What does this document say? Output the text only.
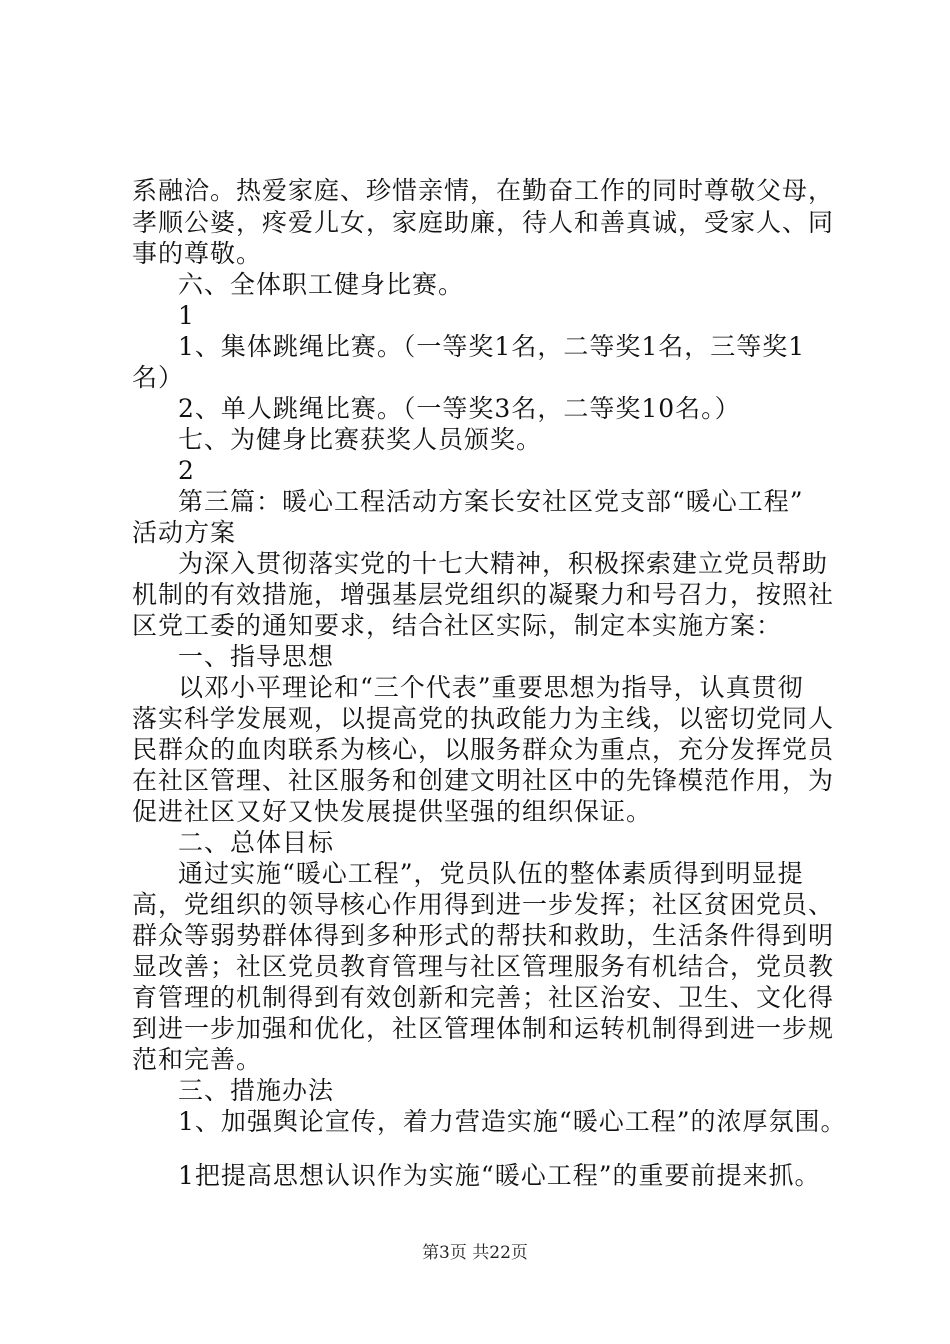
系融洽。热爱家庭、珍惜亲情，在勤奋工作的同时尊敬父母，
孝顺公婆，疼爱儿女，家庭助廉，待人和善真诚，受家人、同
事的尊敬。
六、全体职工健身比赛。
1
1、集体跳绳比赛。（一等奖1名，二等奖1名，三等奖1
名）
2、单人跳绳比赛。（一等奖3名，二等奖10名。）
七、为健身比赛获奖人员颁奖。
2
第三篇：暖心工程活动方案长安社区党支部“暖心工程”
活动方案
为深入贯彻落实党的十七大精神，积极探索建立党员帮助
机制的有效措施，增强基层党组织的凝聚力和号召力，按照社
区党工委的通知要求，结合社区实际，制定本实施方案：
一、指导思想
以邓小平理论和“三个代表”重要思想为指导，认真贯彻
落实科学发展观，以提高党的执政能力为主线，以密切党同人
民群众的血肉联系为核心，以服务群众为重点，充分发挥党员
在社区管理、社区服务和创建文明社区中的先锋模范作用，为
促进社区又好又快发展提供坚强的组织保证。
二、总体目标
通过实施“暖心工程”，党员队伍的整体素质得到明显提
高，党组织的领导核心作用得到进一步发挥；社区贫困党员、
群众等弱势群体得到多种形式的帮扶和救助，生活条件得到明
显改善；社区党员教育管理与社区管理服务有机结合，党员教
育管理的机制得到有效创新和完善；社区治安、卫生、文化得
到进一步加强和优化，社区管理体制和运转机制得到进一步规
范和完善。
三、措施办法
1、加强舆论宣传，着力营造实施“暖心工程”的浓厚氛围。
1把提高思想认识作为实施“暖心工程”的重要前提来抓。
第3页 共22页
